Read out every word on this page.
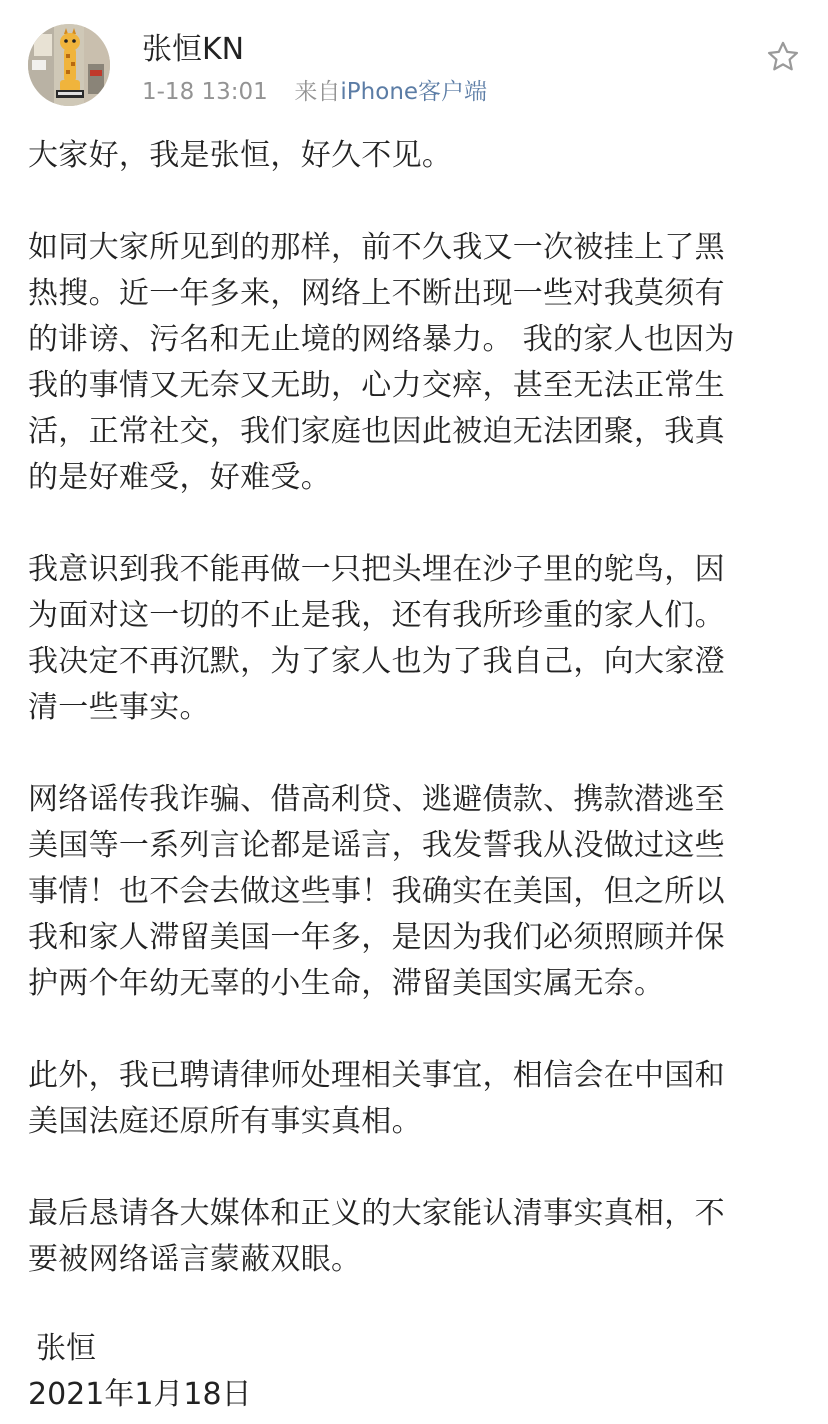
张恒KN
1-18 13:01 来自iPhone客户端

大家好，我是张恒，好久不见。

如同大家所见到的那样，前不久我又一次被挂上了黑
热搜。近一年多来，网络上不断出现一些对我莫须有
的诽谤、污名和无止境的网络暴力。 我的家人也因为
我的事情又无奈又无助，心力交瘁，甚至无法正常生
活，正常社交，我们家庭也因此被迫无法团聚，我真
的是好难受，好难受。

我意识到我不能再做一只把头埋在沙子里的鸵鸟，因
为面对这一切的不止是我，还有我所珍重的家人们。
我决定不再沉默，为了家人也为了我自己，向大家澄
清一些事实。

网络谣传我诈骗、借高利贷、逃避债款、携款潜逃至
美国等一系列言论都是谣言，我发誓我从没做过这些
事情！也不会去做这些事！我确实在美国，但之所以
我和家人滞留美国一年多，是因为我们必须照顾并保
护两个年幼无辜的小生命，滞留美国实属无奈。

此外，我已聘请律师处理相关事宜，相信会在中国和
美国法庭还原所有事实真相。

最后恳请各大媒体和正义的大家能认清事实真相，不
要被网络谣言蒙蔽双眼。

张恒
2021年1月18日
